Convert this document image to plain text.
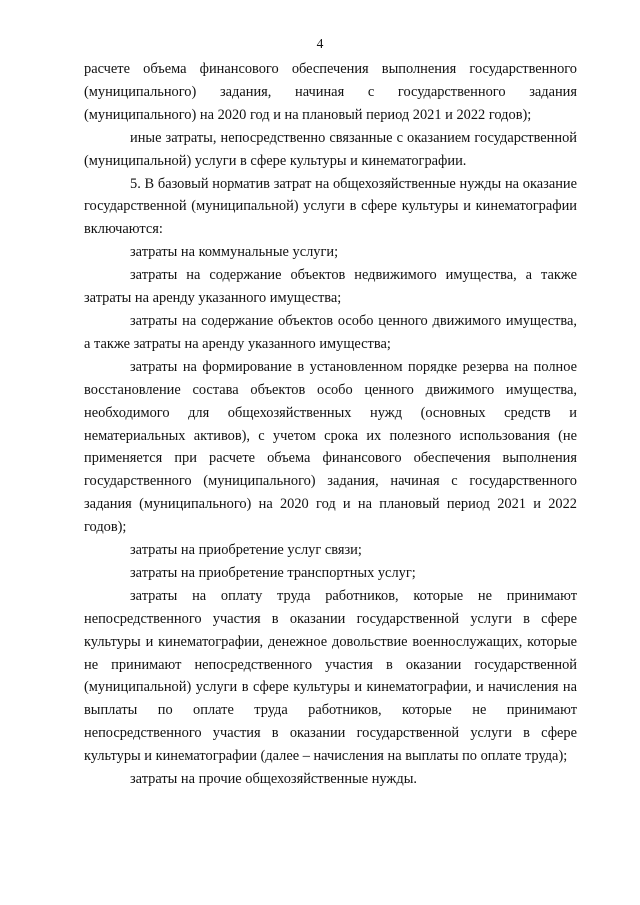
4

расчете объема финансового обеспечения выполнения государственного (муниципального) задания, начиная с государственного задания (муниципального) на 2020 год и на плановый период 2021 и 2022 годов);

иные затраты, непосредственно связанные с оказанием государственной (муниципальной) услуги в сфере культуры и кинематографии.

5. В базовый норматив затрат на общехозяйственные нужды на оказание государственной (муниципальной) услуги в сфере культуры и кинематографии включаются:

затраты на коммунальные услуги;

затраты на содержание объектов недвижимого имущества, а также затраты на аренду указанного имущества;

затраты на содержание объектов особо ценного движимого имущества, а также затраты на аренду указанного имущества;

затраты на формирование в установленном порядке резерва на полное восстановление состава объектов особо ценного движимого имущества, необходимого для общехозяйственных нужд (основных средств и нематериальных активов), с учетом срока их полезного использования (не применяется при расчете объема финансового обеспечения выполнения государственного (муниципального) задания, начиная с государственного задания (муниципального) на 2020 год и на плановый период 2021 и 2022 годов);

затраты на приобретение услуг связи;

затраты на приобретение транспортных услуг;

затраты на оплату труда работников, которые не принимают непосредственного участия в оказании государственной услуги в сфере культуры и кинематографии, денежное довольствие военнослужащих, которые не принимают непосредственного участия в оказании государственной (муниципальной) услуги в сфере культуры и кинематографии, и начисления на выплаты по оплате труда работников, которые не принимают непосредственного участия в оказании государственной услуги в сфере культуры и кинематографии (далее – начисления на выплаты по оплате труда);

затраты на прочие общехозяйственные нужды.
